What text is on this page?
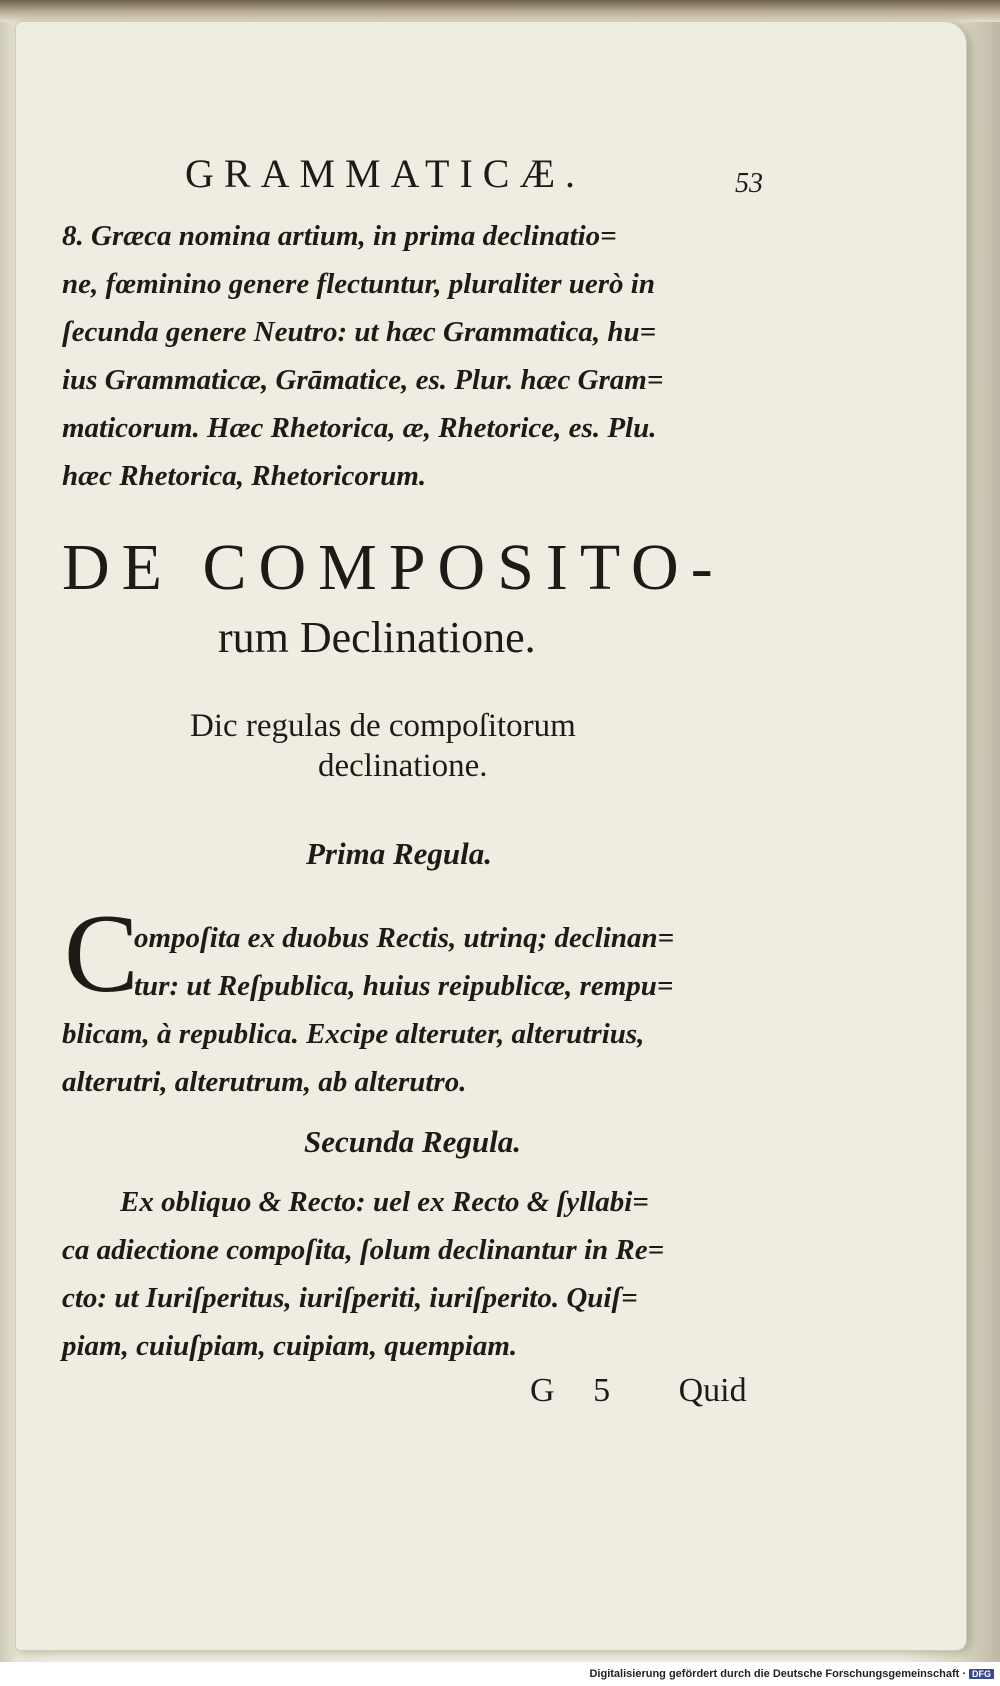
GRAMMATICÆ.	53
8. Græca nomina artium, in prima declinatio=
ne, fœminino genere flectuntur, pluraliter uerò in
ſecunda genere Neutro: ut hæc Grammatica, hu=
ius Grammaticæ, Grāmatice, es. Plur. hæc Gram=
maticorum. Hæc Rhetorica, æ, Rhetorice, es. Plu.
hæc Rhetorica, Rhetoricorum.
DE COMPOSITO-
rum Declinatione.
Dic regulas de compoſitorum
declinatione.
Prima Regula.
C
ompoſita ex duobus Rectis, utrinq; declinan=
tur: ut Reſpublica, huius reipublicæ, rempu=
blicam, à republica. Excipe alteruter, alterutrius,
alterutri, alterutrum, ab alterutro.
Secunda Regula.
Ex obliquo & Recto: uel ex Recto & ſyllabi=
ca adiectione compoſita, ſolum declinantur in Re=
cto: ut Iuriſperitus, iuriſperiti, iuriſperito. Quiſ=
piam, cuiuſpiam, cuipiam, quempiam.
G 5 Quid
Digitalisierung gefördert durch die Deutsche Forschungsgemeinschaft · DFG
